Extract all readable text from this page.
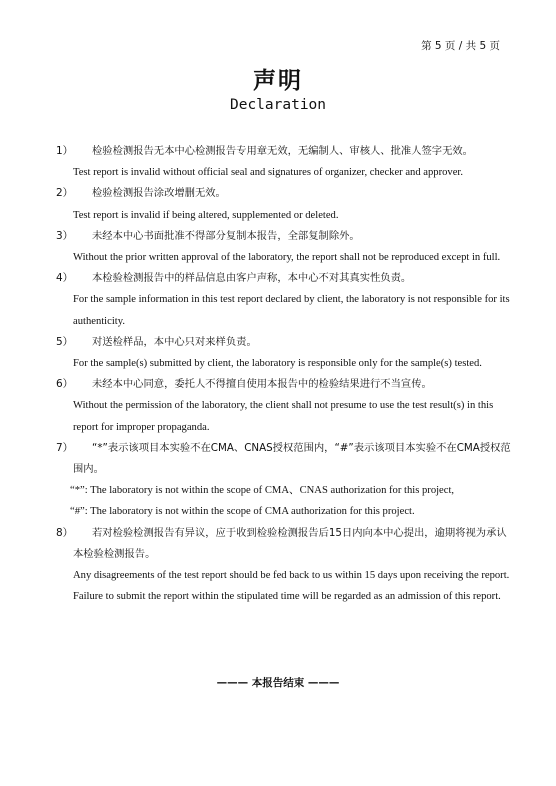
第 5 页 / 共 5 页
声明
Declaration
1）	检验检测报告无本中心检测报告专用章无效，无编制人、审核人、批准人签字无效。
Test report is invalid without official seal and signatures of organizer, checker and approver.
2）	检验检测报告涂改增删无效。
Test report is invalid if being altered, supplemented or deleted.
3）	未经本中心书面批准不得部分复制本报告，全部复制除外。
Without the prior written approval of the laboratory, the report shall not be reproduced except in full.
4）	本检验检测报告中的样品信息由客户声称，本中心不对其真实性负责。
For the sample information in this test report declared by client, the laboratory is not responsible for its authenticity.
5）	对送检样品，本中心只对来样负责。
For the sample(s) submitted by client, the laboratory is responsible only for the sample(s) tested.
6）	未经本中心同意，委托人不得擅自使用本报告中的检验结果进行不当宣传。
Without the permission of the laboratory, the client shall not presume to use the test result(s) in this report for improper propaganda.
7）	“*”表示该项目本实验不在CMA、CNAS授权范围内，“#”表示该项目本实验不在CMA授权范围内。
“*”: The laboratory is not within the scope of CMA、CNAS authorization for this project,
“#”: The laboratory is not within the scope of CMA authorization for this project.
8）	若对检验检测报告有异议，应于收到检验检测报告后15日内向本中心提出，逾期将视为承认本检验检测报告。
Any disagreements of the test report should be fed back to us within 15 days upon receiving the report. Failure to submit the report within the stipulated time will be regarded as an admission of this report.
——— 本报告结束 ———
